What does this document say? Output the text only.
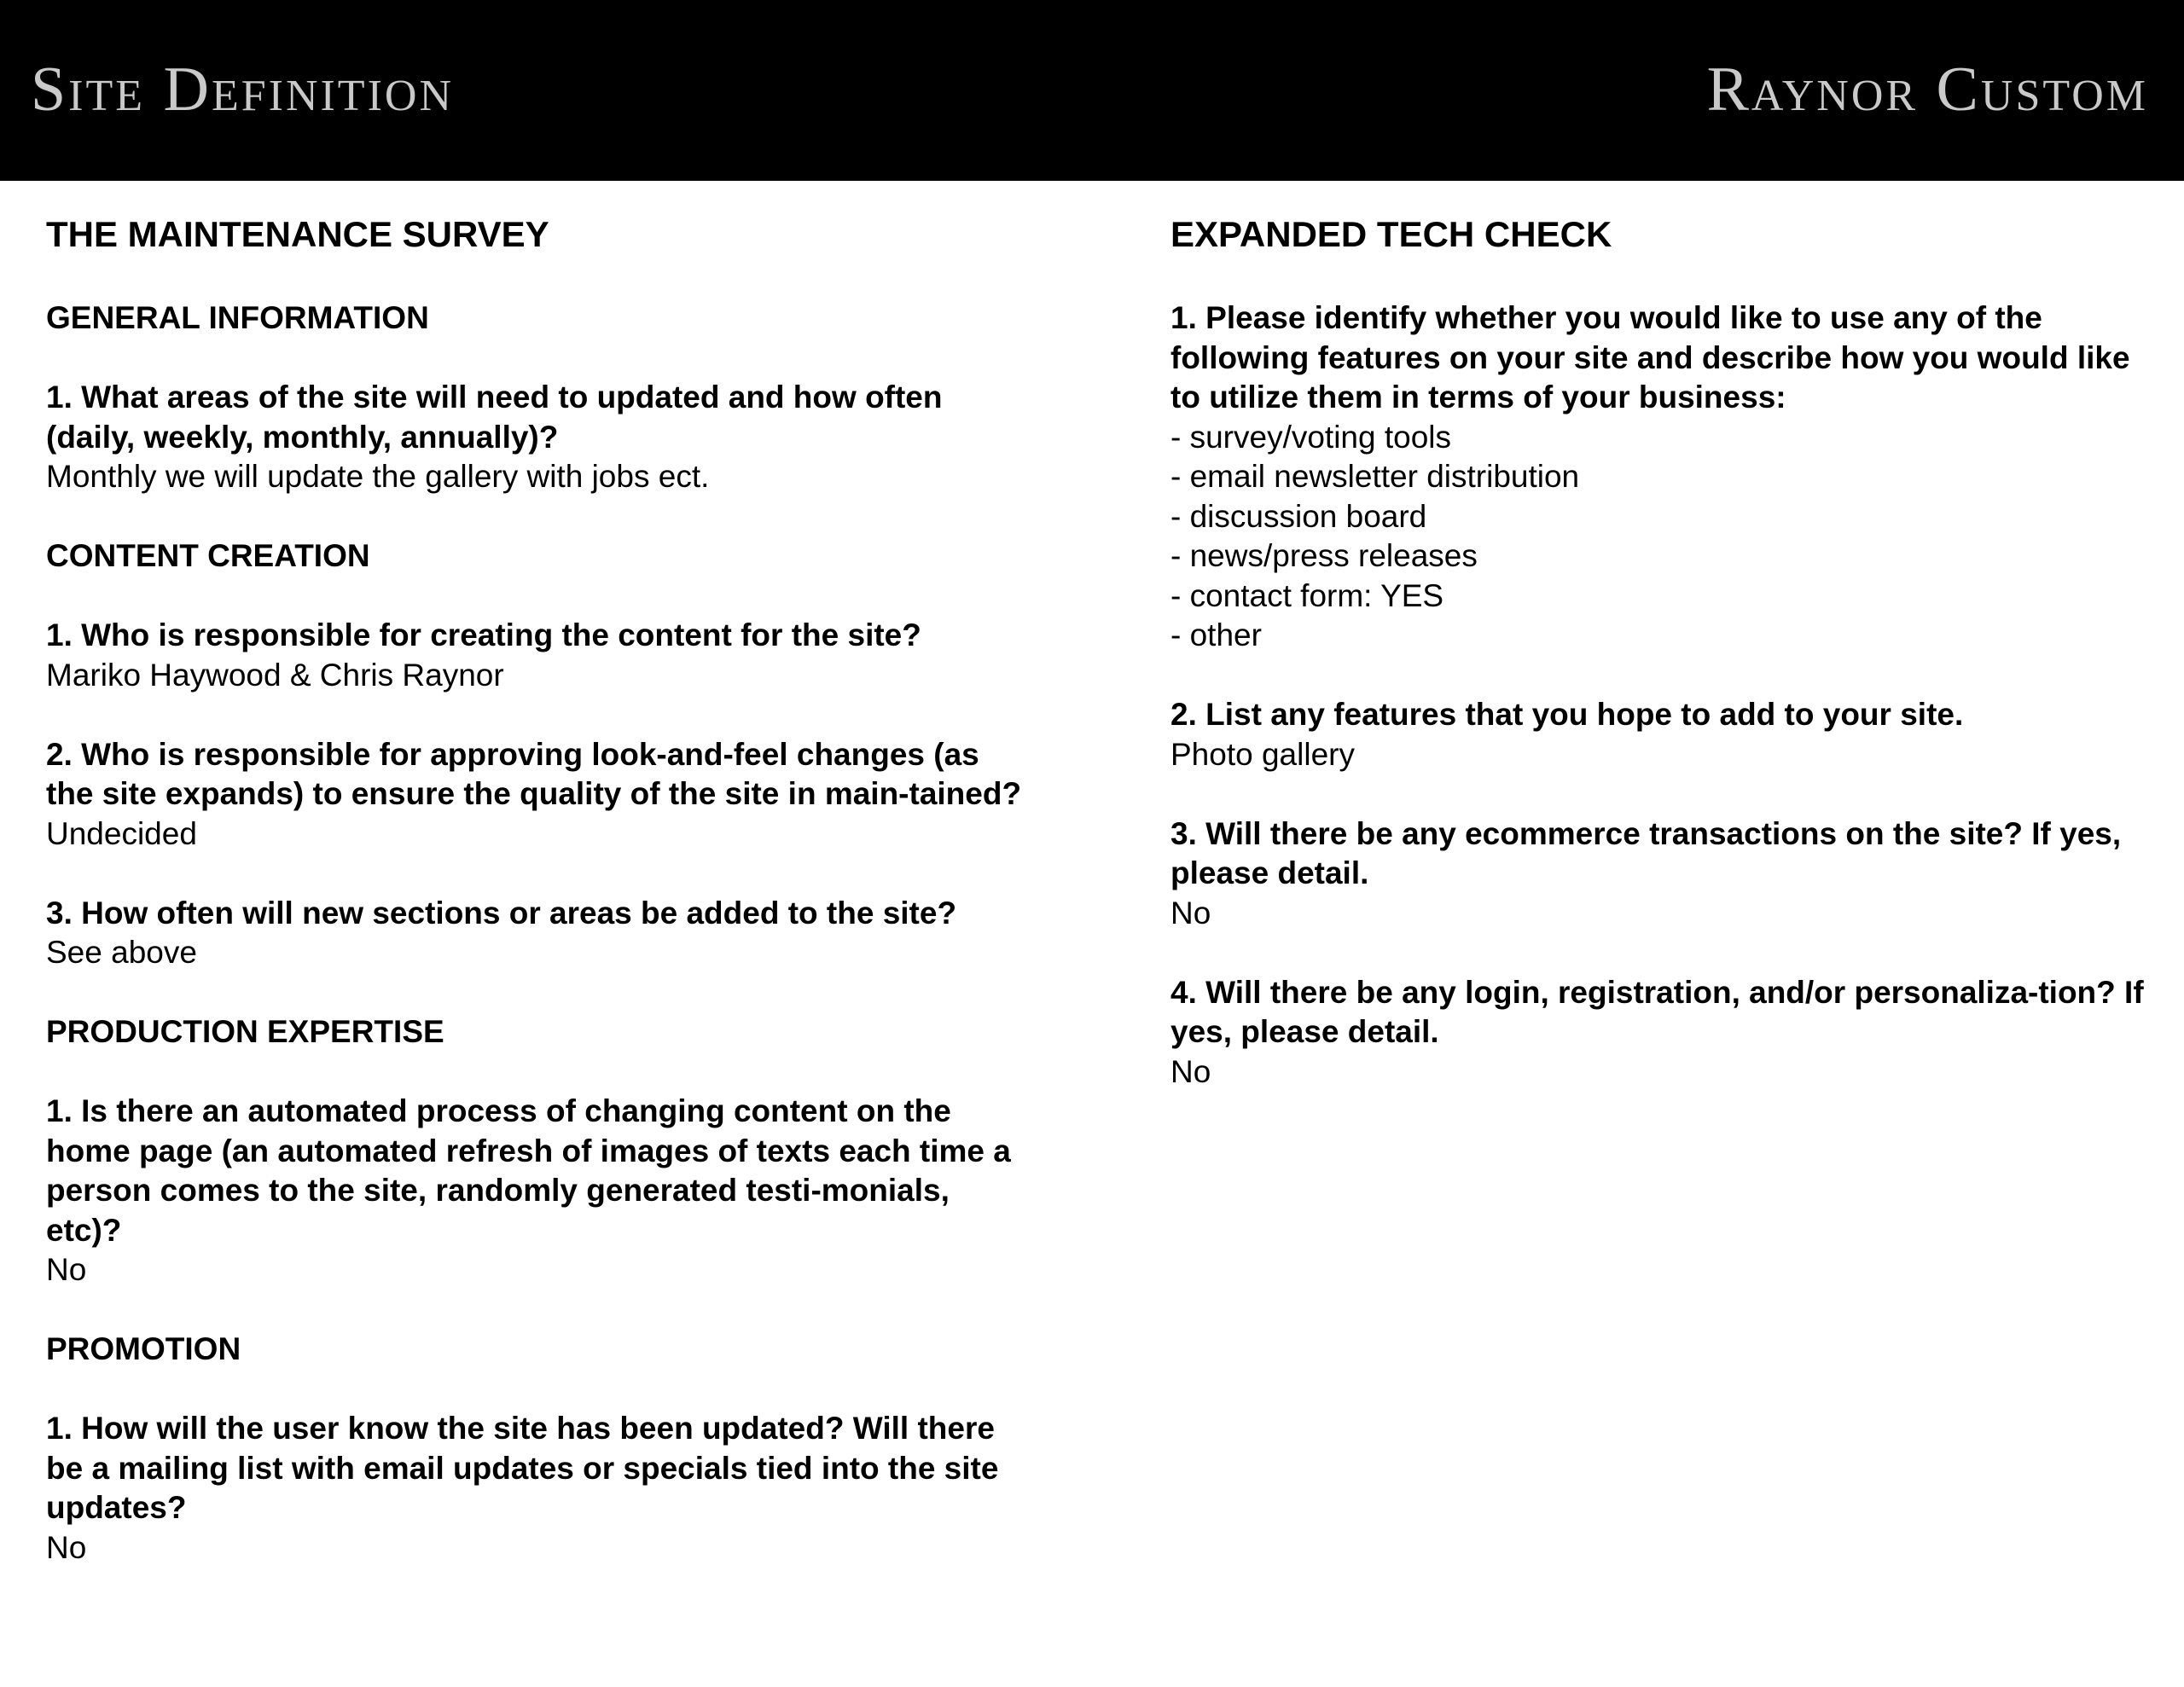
Site Definition	Raynor Custom
THE MAINTENANCE SURVEY
GENERAL INFORMATION
1. What areas of the site will need to updated and how often (daily, weekly, monthly, annually)?
Monthly we will update the gallery with jobs ect.
CONTENT CREATION
1. Who is responsible for creating the content for the site?
Mariko Haywood & Chris Raynor
2. Who is responsible for approving look-and-feel changes (as the site expands) to ensure the quality of the site in main-tained?
Undecided
3. How often will new sections or areas be added to the site?
See above
PRODUCTION EXPERTISE
1. Is there an automated process of changing content on the home page (an automated refresh of images of texts each time a person comes to the site, randomly generated testi-monials, etc)?
No
PROMOTION
1. How will the user know the site has been updated? Will there be a mailing list with email updates or specials tied into the site updates?
No
EXPANDED TECH CHECK
1. Please identify whether you would like to use any of the following features on your site and describe how you would like to utilize them in terms of your business:
- survey/voting tools
- email newsletter distribution
- discussion board
- news/press releases
- contact form: YES
- other
2. List any features that you hope to add to your site.
Photo gallery
3. Will there be any ecommerce transactions on the site? If yes, please detail.
No
4. Will there be any login, registration, and/or personaliza-tion? If yes, please detail.
No
